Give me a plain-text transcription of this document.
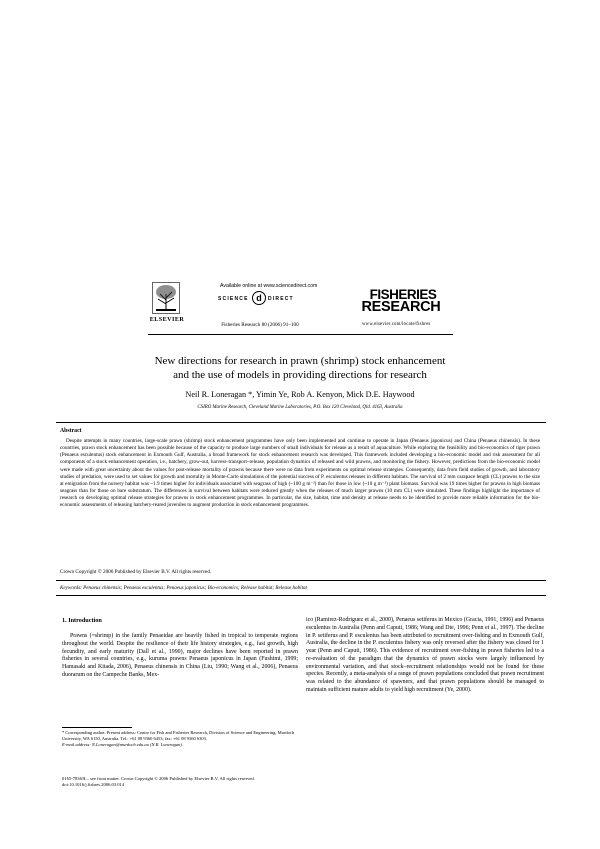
ELSEVIER
Available online at www.sciencedirect.com
SCIENCE d	DIRECT
Fisheries Research 80 (2006) 91–100
FISHERIES
RESEARCH
www.elsevier.com/locate/fishres
New directions for research in prawn (shrimp) stock enhancement
and the use of models in providing directions for research
Neil R. Loneragan *, Yimin Ye, Rob A. Kenyon, Mick D.E. Haywood
CSIRO Marine Research, Cleveland Marine Laboratories, P.O. Box 120 Cleveland, Qld. 4163, Australia
Abstract
Despite attempts in many countries, large-scale prawn (shrimp) stock enhancement programmes have only been implemented and continue to operate in Japan (Penaeus japonicus) and China (Penaeus chinensis). In these countries, prawn stock enhancement has been possible because of the capacity to produce large numbers of small individuals for release as a result of aquaculture. While exploring the feasibility and bio-economics of tiger prawn (Penaeus esculentus) stock enhancement in Exmouth Gulf, Australia, a broad framework for stock enhancement research was developed. This framework included developing a bio-economic model and risk assessment for all components of a stock enhancement operation, i.e., hatchery, grow-out, harvest–transport–release, population dynamics of released and wild prawns, and monitoring the fishery. However, predictions from the bio-economic model were made with great uncertainty about the values for post-release mortality of prawns because there were no data from experiments on optimal release strategies. Consequently, data from field studies of growth, and laboratory studies of predation, were used to set values for growth and mortality in Monte-Carlo simulations of the potential success of P. esculentus releases in different habitats. The survival of 2 mm carapace length (CL) prawns to the size at emigration from the nursery habitat was ~1.9 times higher for individuals associated with seagrass of high (~100 g m⁻²) than for those in low (~10 g m⁻²) plant biomass. Survival was 19 times higher for prawns in high biomass seagrass than for those on bare substratum. The differences in survival between habitats were reduced greatly when the releases of much larger prawns (10 mm CL) were simulated. These findings highlight the importance of research on developing optimal release strategies for prawns in stock enhancement programmes. In particular, the size, habitat, time and density at release needs to be identified to provide more reliable information for the bio-economic assessments of releasing hatchery-reared juveniles to augment production in stock enhancement programmes.
Crown Copyright © 2006 Published by Elsevier B.V. All rights reserved.
Keywords: Penaeus chinensis; Penaeus esculentus; Penaeus japonicus; Bio-economics; Release habitat; Release habitat
1. Introduction

Prawns (=shrimp) in the family Penaeidae are heavily fished in tropical to temperate regions throughout the world. Despite the resilience of their life history strategies, e.g., fast growth, high fecundity, and early maturity (Dall et al., 1990), major declines have been reported in prawn fisheries in several countries, e.g., kuruma prawns Penaeus japonicus in Japan (Fushimi, 1999; Hamasaki and Kitada, 2006), Penaeus chinensis in China (Liu, 1990; Wang et al., 2006), Penaeus duorarum on the Campeche Banks, Mex-

ico (Ramirez-Rodriguez et al., 2000), Penaeus setiferus in Mexico (Gracia, 1991, 1996) and Penaeus esculentus in Australia (Penn and Caputi, 1986; Wang and Die, 1996; Penn et al., 1997). The decline in P. setiferus and P. esculentus has been attributed to recruitment over-fishing and in Exmouth Gulf, Australia, the decline in the P. esculentus fishery was only reversed after the fishery was closed for 1 year (Penn and Caputi, 1986). This evidence of recruitment over-fishing in prawn fisheries led to a re-evaluation of the paradigm that the dynamics of prawn stocks were largely influenced by environmental variation, and that stock–recruitment relationships would not be found for these species. Recently, a meta-analysis of a range of prawn populations concluded that prawn recruitment was related to the abundance of spawners, and that prawn populations should be managed to maintain sufficient mature adults to yield high recruitment (Ye, 2000).

* Corresponding author. Present address: Centre for Fish and Fisheries Research, Division of Science and Engineering, Murdoch University, WA 6150, Australia. Tel.: +61 08 9360 6453; fax: +61 08 9360 6303.
E-mail address: N.Loneragan@murdoch.edu.au (N.R. Loneragan).
0165-7836/$ – see front matter. Crown Copyright © 2006 Published by Elsevier B.V. All rights reserved.
doi:10.1016/j.fishres.2006.03.014
